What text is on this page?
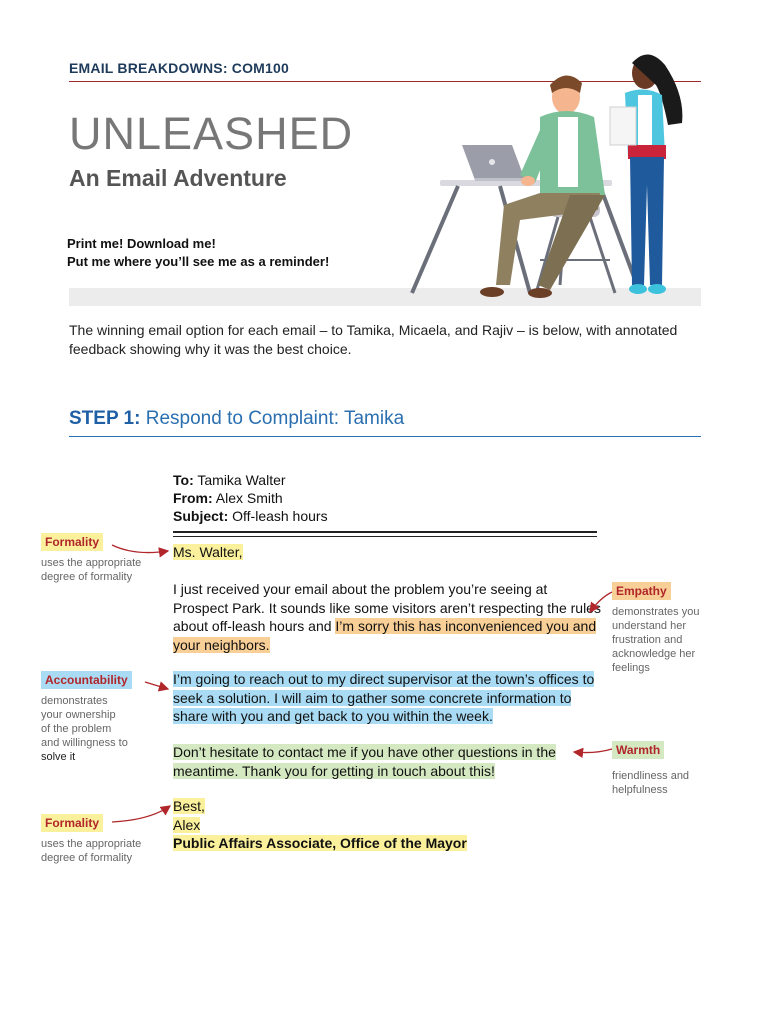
EMAIL BREAKDOWNS: COM100
UNLEASHED
An Email Adventure
Print me! Download me!
Put me where you’ll see me as a reminder!
The winning email option for each email – to Tamika, Micaela, and Rajiv – is below, with annotated feedback showing why it was the best choice.
STEP 1: Respond to Complaint: Tamika
To: Tamika Walter
From: Alex Smith
Subject: Off-leash hours
Ms. Walter,
I just received your email about the problem you’re seeing at Prospect Park. It sounds like some visitors aren’t respecting the rules about off-leash hours and I’m sorry this has inconvenienced you and your neighbors.
I’m going to reach out to my direct supervisor at the town’s offices to seek a solution. I will aim to gather some concrete information to share with you and get back to you within the week.
Don’t hesitate to contact me if you have other questions in the meantime. Thank you for getting in touch about this!
Best,
Alex
Public Affairs Associate, Office of the Mayor
Formality
uses the appropriate
degree of formality
Accountability
demonstrates
your ownership
of the problem
and willingness to
solve it
Formality
uses the appropriate
degree of formality
Empathy
demonstrates you
understand her
frustration and
acknowledge her
feelings
Warmth
friendliness and
helpfulness
